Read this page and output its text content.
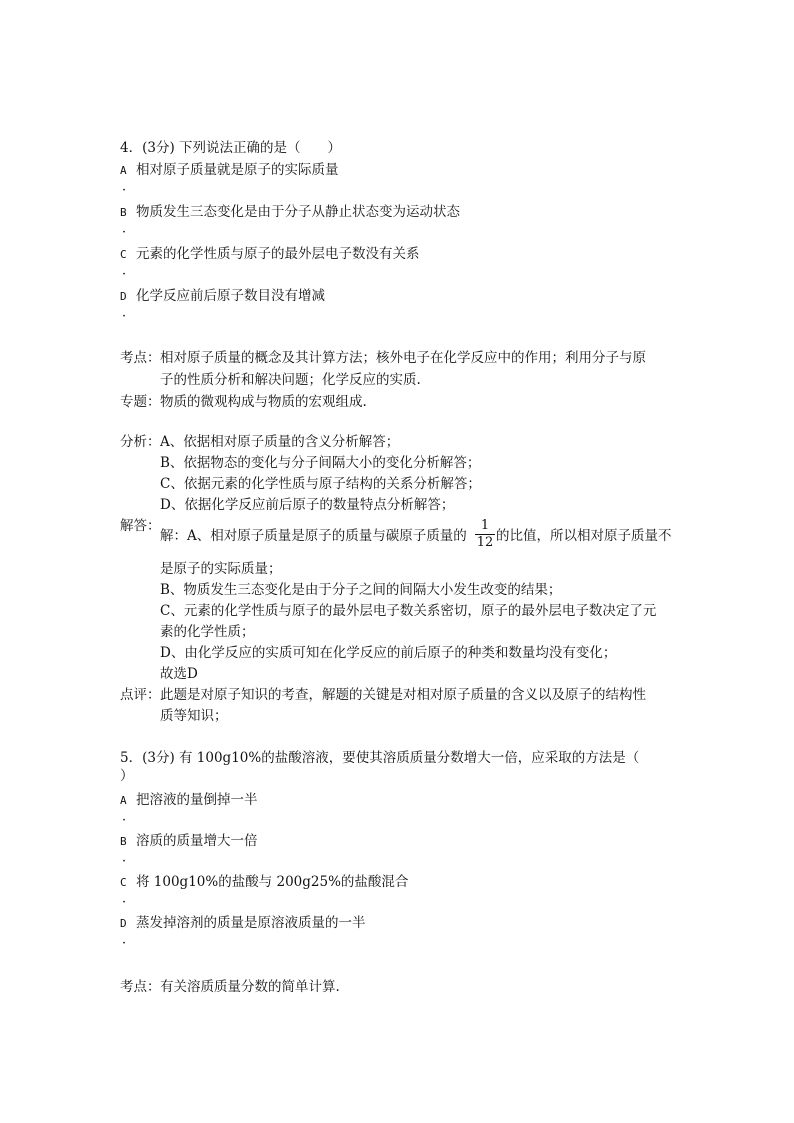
4．(3分) 下列说法正确的是（　　）
A 相对原子质量就是原子的实际质量
·
B 物质发生三态变化是由于分子从静止状态变为运动状态
·
C 元素的化学性质与原子的最外层电子数没有关系
·
D 化学反应前后原子数目没有增减
·
考点： 相对原子质量的概念及其计算方法；核外电子在化学反应中的作用；利用分子与原
子的性质分析和解决问题；化学反应的实质.
专题： 物质的微观构成与物质的宏观组成.
分析： A、依据相对原子质量的含义分析解答；
B、依据物态的变化与分子间隔大小的变化分析解答；
C、依据元素的化学性质与原子结构的关系分析解答；
D、依据化学反应前后原子的数量特点分析解答；
解答：
解：A、相对原子质量是原子的质量与碳原子质量的
1
12 的比值，所以相对原子质量不
是原子的实际质量；
B、物质发生三态变化是由于分子之间的间隔大小发生改变的结果；
C、元素的化学性质与原子的最外层电子数关系密切，原子的最外层电子数决定了元
素的化学性质；
D、由化学反应的实质可知在化学反应的前后原子的种类和数量均没有变化；
故选D
点评： 此题是对原子知识的考查，解题的关键是对相对原子质量的含义以及原子的结构性
质等知识；
5．(3分) 有 100g10%的盐酸溶液，要使其溶质质量分数增大一倍，应采取的方法是（
）
A 把溶液的量倒掉一半
·
B 溶质的质量增大一倍
·
C 将 100g10%的盐酸与 200g25%的盐酸混合
·
D 蒸发掉溶剂的质量是原溶液质量的一半
·
考点： 有关溶质质量分数的简单计算.
